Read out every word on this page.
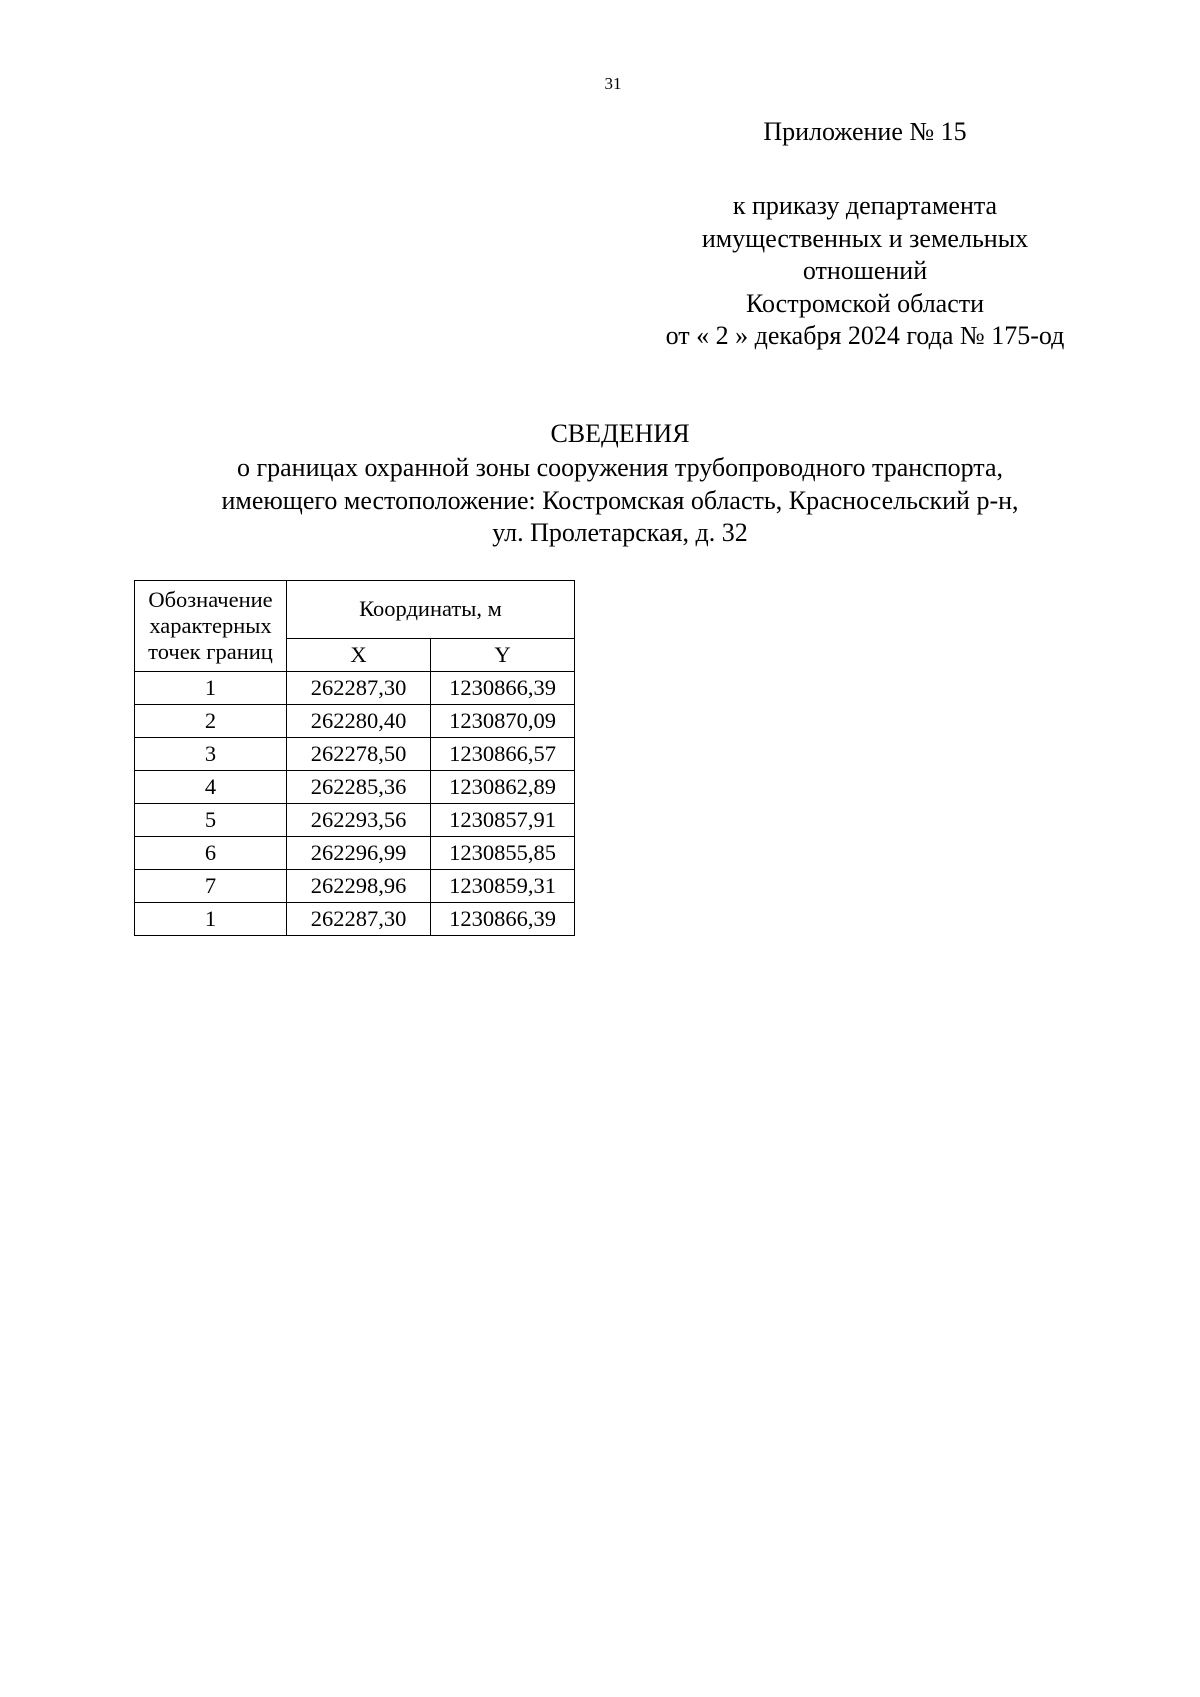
31
Приложение № 15
к приказу департамента
имущественных и земельных
отношений
Костромской области
от « 2 » декабря 2024 года № 175-од
СВЕДЕНИЯ
о границах охранной зоны сооружения трубопроводного транспорта,
имеющего местоположение: Костромская область, Красносельский р-н,
ул. Пролетарская, д. 32
Обозначение
характерных
точек границ	Координаты, м	
	X	Y
1	262287,30	1230866,39
2	262280,40	1230870,09
3	262278,50	1230866,57
4	262285,36	1230862,89
5	262293,56	1230857,91
6	262296,99	1230855,85
7	262298,96	1230859,31
1	262287,30	1230866,39
